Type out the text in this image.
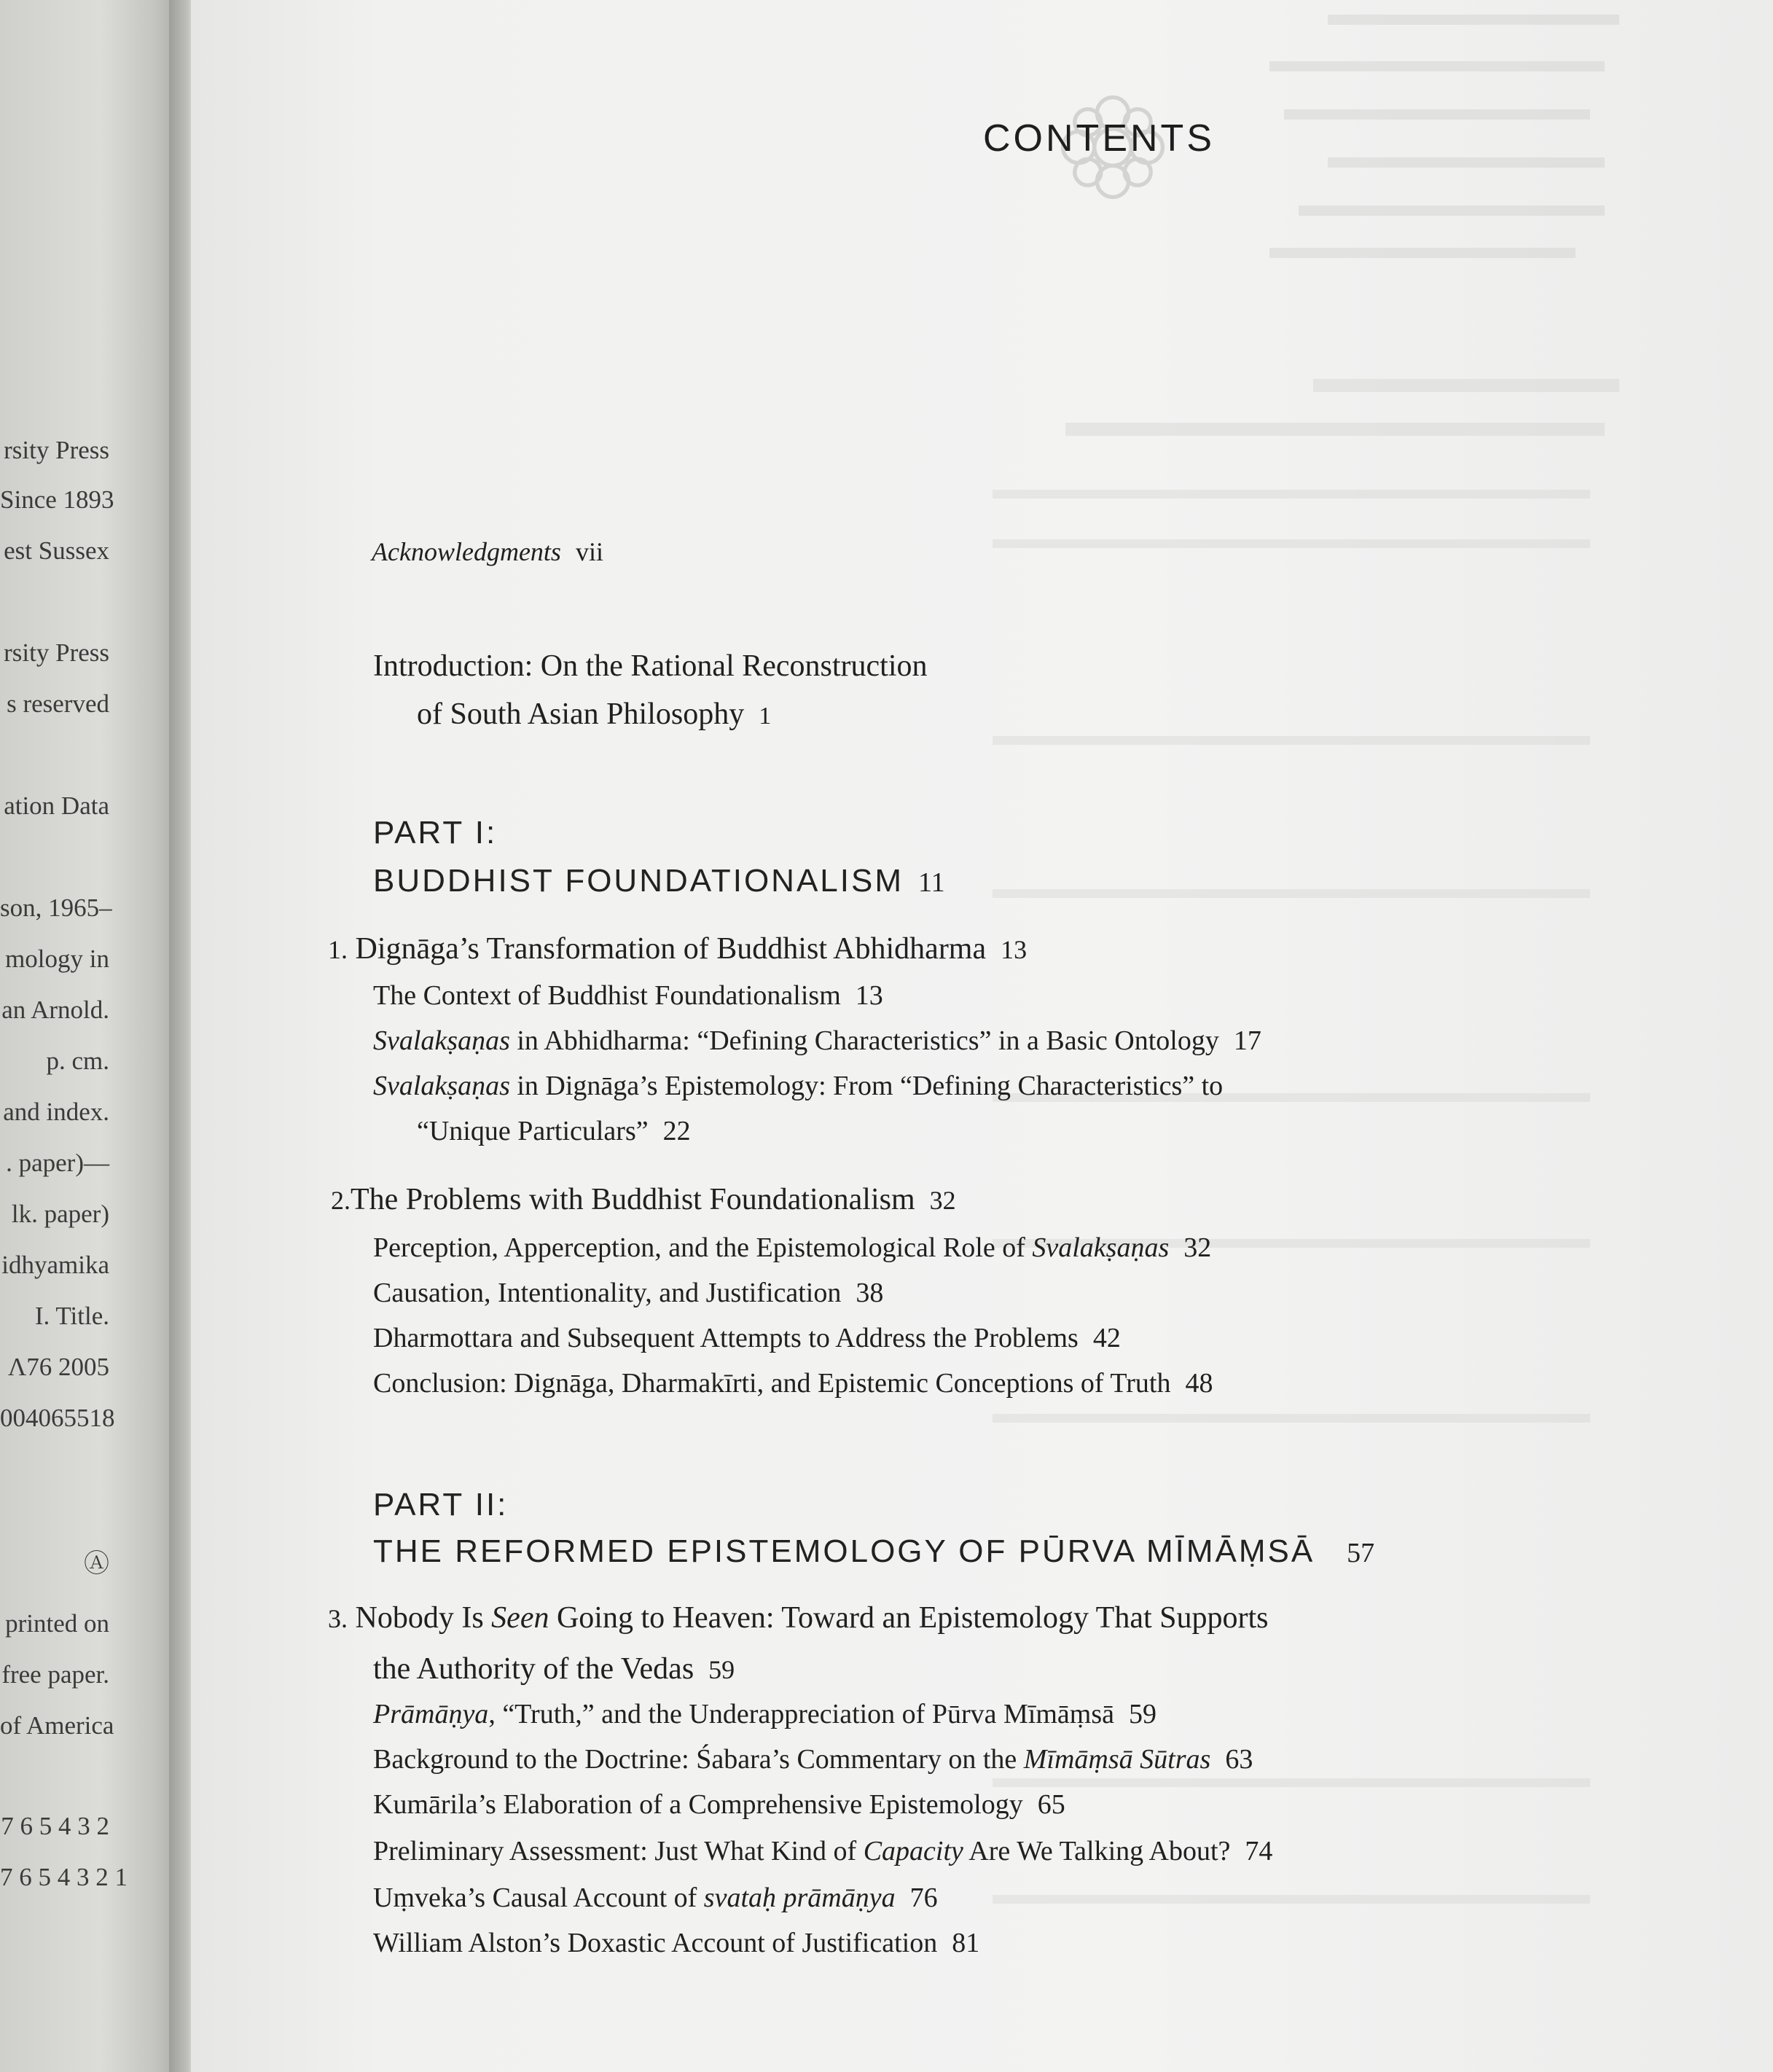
rsity Press
Since 1893
est Sussex
rsity Press
s reserved
ation Data
son, 1965–
mology in
an Arnold.
p. cm.
and index.
. paper)—
lk. paper)
idhyamika
I. Title.
Λ76 2005
004065518
Ⓐ
printed on
free paper.
of America
7 6 5 4 3 2
7 6 5 4 3 2 1
CONTENTS
Acknowledgments vii
Introduction: On the Rational Reconstruction
of South Asian Philosophy 1
PART I:
BUDDHIST FOUNDATIONALISM 11
1. Dignāga’s Transformation of Buddhist Abhidharma 13
The Context of Buddhist Foundationalism 13
Svalakṣaṇas in Abhidharma: “Defining Characteristics” in a Basic Ontology 17
Svalakṣaṇas in Dignāga’s Epistemology: From “Defining Characteristics” to
“Unique Particulars” 22
2.The Problems with Buddhist Foundationalism 32
Perception, Apperception, and the Epistemological Role of Svalakṣaṇas 32
Causation, Intentionality, and Justification 38
Dharmottara and Subsequent Attempts to Address the Problems 42
Conclusion: Dignāga, Dharmakīrti, and Epistemic Conceptions of Truth 48
PART II:
THE REFORMED EPISTEMOLOGY OF PŪRVA MĪMĀṂSĀ 57
3. Nobody Is Seen Going to Heaven: Toward an Epistemology That Supports
the Authority of the Vedas 59
Prāmāṇya, “Truth,” and the Underappreciation of Pūrva Mīmāṃsā 59
Background to the Doctrine: Śabara’s Commentary on the Mīmāṃsā Sūtras 63
Kumārila’s Elaboration of a Comprehensive Epistemology 65
Preliminary Assessment: Just What Kind of Capacity Are We Talking About? 74
Uṃveka’s Causal Account of svataḥ prāmāṇya 76
William Alston’s Doxastic Account of Justification 81
